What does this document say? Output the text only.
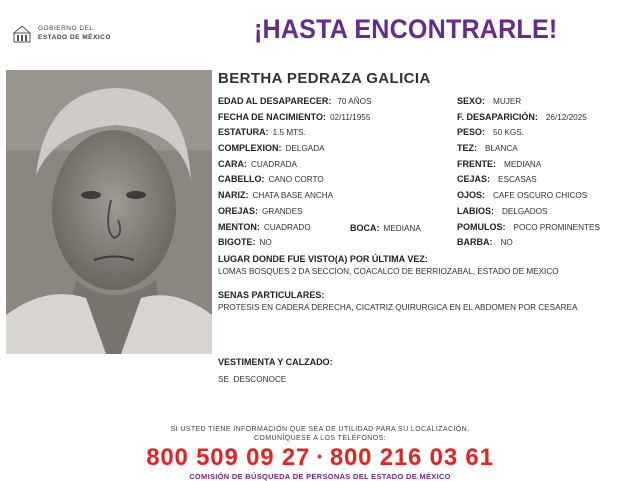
GOBIERNO DEL
ESTADO DE MÉXICO	¡HASTA ENCONTRARLE!
BERTHA PEDRAZA GALICIA
EDAD AL DESAPARECER: 70 AÑOS
FECHA DE NACIMIENTO: 02/11/1955
ESTATURA: 1.5 MTS.
COMPLEXION: DELGADA
CARA: CUADRADA
CABELLO: CANO CORTO
NARIZ: CHATA BASE ANCHA
OREJAS: GRANDES
MENTON: CUADRADO	BOCA: MEDIANA
BIGOTE: NO
SEXO: MUJER
F. DESAPARICIÓN: 26/12/2025
PESO: 50 KGS.
TEZ: BLANCA
FRENTE: MEDIANA
CEJAS: ESCASAS
OJOS: CAFE OSCURO CHICOS
LABIOS: DELGADOS
POMULOS: POCO PROMINENTES
BARBA: NO
LUGAR DONDE FUE VISTO(A) POR ÚLTIMA VEZ:
LOMAS BOSQUES 2 DA SECCION, COACALCO DE BERRIOZABAL, ESTADO DE MEXICO
SENAS PARTICULARES:
PROTESIS EN CADERA DERECHA, CICATRIZ QUIRURGICA EN EL ABDOMEN POR CESAREA
VESTIMENTA Y CALZADO:
SE  DESCONOCE
SI USTED TIENE INFORMACIÓN QUE SEA DE UTILIDAD PARA SU LOCALIZACIÓN,
COMUNÍQUESE A LOS TELÉFONOS:
800 509 09 27 • 800 216 03 61
COMISIÓN DE BÚSQUEDA DE PERSONAS DEL ESTADO DE MÉXICO
